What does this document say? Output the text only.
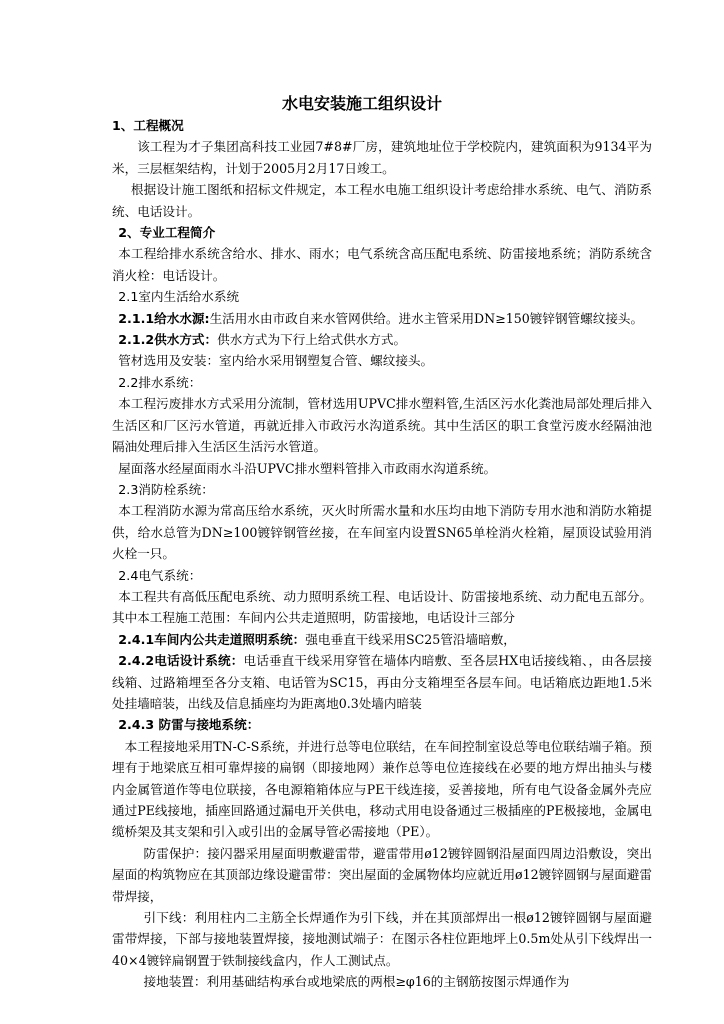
水电安装施工组织设计

1、工程概况

该工程为才子集团高科技工业园7#8#厂房，建筑地址位于学校院内，建筑面积为9134平为米，三层框架结构，计划于2005月2月17日竣工。

根据设计施工图纸和招标文件规定，本工程水电施工组织设计考虑给排水系统、电气、消防系统、电话设计。

2、专业工程简介

本工程给排水系统含给水、排水、雨水；电气系统含高压配电系统、防雷接地系统；消防系统含消火栓：电话设计。

2.1室内生活给水系统

2.1.1给水水源:生活用水由市政自来水管网供给。进水主管采用DN≥150镀锌钢管螺纹接头。

2.1.2供水方式：供水方式为下行上给式供水方式。

管材选用及安装：室内给水采用钢塑复合管、螺纹接头。

2.2排水系统：

本工程污废排水方式采用分流制，管材选用UPVC排水塑料管,生活区污水化粪池局部处理后排入生活区和厂区污水管道，再就近排入市政污水沟道系统。其中生活区的职工食堂污废水经隔油池隔油处理后排入生活区生活污水管道。

屋面落水经屋面雨水斗沿UPVC排水塑料管排入市政雨水沟道系统。

2.3消防栓系统：

本工程消防水源为常高压给水系统，灭火时所需水量和水压均由地下消防专用水池和消防水箱提供，给水总管为DN≥100镀锌钢管丝接，在车间室内设置SN65单栓消火栓箱，屋顶设试验用消火栓一只。

2.4电气系统：

本工程共有高低压配电系统、动力照明系统工程、电话设计、防雷接地系统、动力配电五部分。其中本工程施工范围：车间内公共走道照明，防雷接地，电话设计三部分

2.4.1车间内公共走道照明系统：强电垂直干线采用SC25管沿墙暗敷，

2.4.2电话设计系统：电话垂直干线采用穿管在墙体内暗敷、至各层HX电话接线箱、，由各层接线箱、过路箱埋至各分支箱、电话管为SC15，再由分支箱埋至各层车间。电话箱底边距地1.5米处挂墙暗装，出线及信息插座均为距离地0.3处墙内暗装

2.4.3 防雷与接地系统：

本工程接地采用TN-C-S系统，并进行总等电位联结，在车间控制室设总等电位联结端子箱。预埋有于地梁底互相可靠焊接的扁钢（即接地网）兼作总等电位连接线在必要的地方焊出抽头与楼内金属管道作等电位联接，各电源箱箱体应与PE干线连接，妥善接地，所有电气设备金属外壳应通过PE线接地，插座回路通过漏电开关供电，移动式用电设备通过三极插座的PE极接地，金属电缆桥架及其支架和引入或引出的金属导管必需接地（PE）。

防雷保护：接闪器采用屋面明敷避雷带，避雷带用ø12镀锌圆钢沿屋面四周边沿敷设，突出屋面的构筑物应在其顶部边缘设避雷带：突出屋面的金属物体均应就近用ø12镀锌圆钢与屋面避雷带焊接，

引下线：利用柱内二主筋全长焊通作为引下线，并在其顶部焊出一根ø12镀锌圆钢与屋面避雷带焊接，下部与接地装置焊接，接地测试端子：在图示各柱位距地坪上0.5m处从引下线焊出一40×4镀锌扁钢置于铁制接线盒内，作人工测试点。

接地装置：利用基础结构承台或地梁底的两根≥φ16的主钢筋按图示焊通作为
